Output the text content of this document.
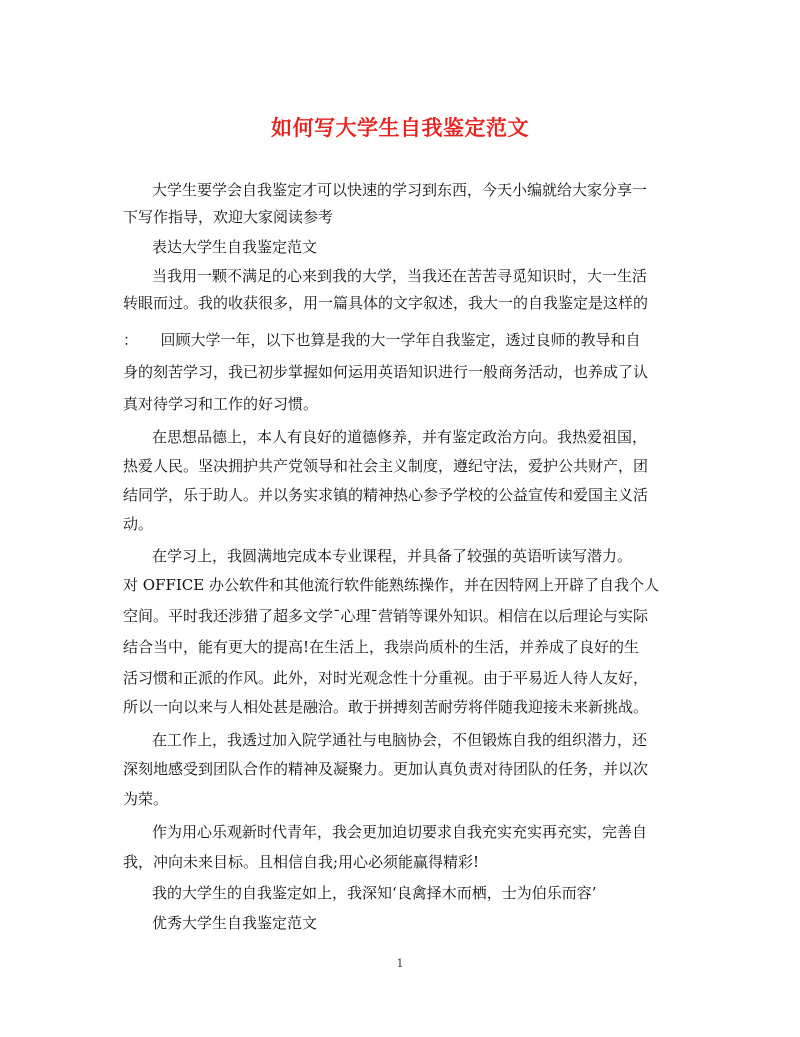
如何写大学生自我鉴定范文
大学生要学会自我鉴定才可以快速的学习到东西，今天小编就给大家分享一
下写作指导，欢迎大家阅读参考
表达大学生自我鉴定范文
当我用一颗不满足的心来到我的大学，当我还在苦苦寻觅知识时，大一生活
转眼而过。我的收获很多，用一篇具体的文字叙述，我大一的自我鉴定是这样的
：　　回顾大学一年，以下也算是我的大一学年自我鉴定，透过良师的教导和自
身的刻苦学习，我已初步掌握如何运用英语知识进行一般商务活动，也养成了认
真对待学习和工作的好习惯。
在思想品德上，本人有良好的道德修养，并有鉴定政治方向。我热爱祖国，
热爱人民。坚决拥护共产党领导和社会主义制度，遵纪守法，爱护公共财产，团
结同学，乐于助人。并以务实求镇的精神热心参予学校的公益宣传和爱国主义活
动。
在学习上，我圆满地完成本专业课程，并具备了较强的英语听读写潜力。
对 OFFICE 办公软件和其他流行软件能熟练操作，并在因特网上开辟了自我个人
空间。平时我还涉猎了超多文学ˉ心理ˉ营销等课外知识。相信在以后理论与实际
结合当中，能有更大的提高!在生活上，我崇尚质朴的生活，并养成了良好的生
活习惯和正派的作风。此外，对时光观念性十分重视。由于平易近人待人友好，
所以一向以来与人相处甚是融洽。敢于拼搏刻苦耐劳将伴随我迎接未来新挑战。
在工作上，我透过加入院学通社与电脑协会，不但锻炼自我的组织潜力，还
深刻地感受到团队合作的精神及凝聚力。更加认真负责对待团队的任务，并以次
为荣。
作为用心乐观新时代青年，我会更加迫切要求自我充实充实再充实，完善自
我，冲向未来目标。且相信自我;用心必须能赢得精彩!
我的大学生的自我鉴定如上，我深知‘良禽择木而栖，士为伯乐而容’
优秀大学生自我鉴定范文
1
